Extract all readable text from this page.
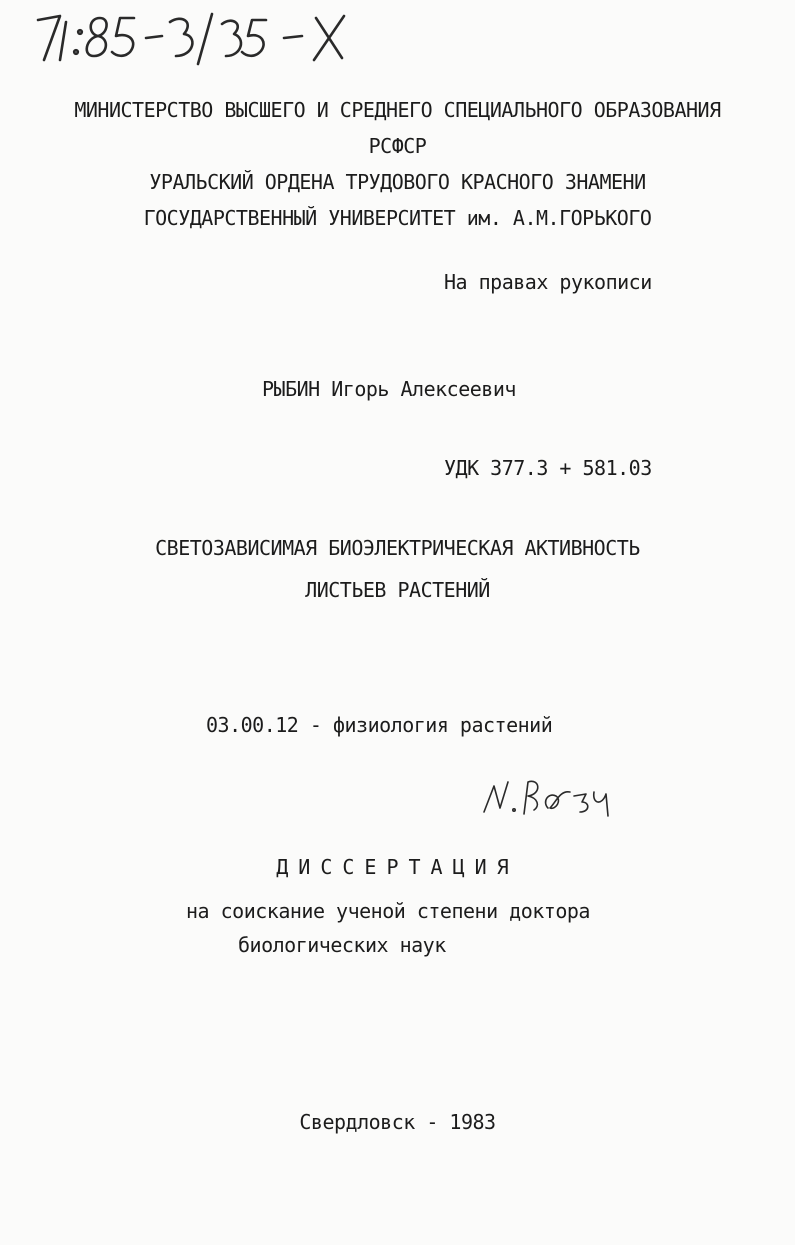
МИНИСТЕРСТВО ВЫСШЕГО И СРЕДНЕГО СПЕЦИАЛЬНОГО ОБРАЗОВАНИЯ
РСФСР
УРАЛЬСКИЙ ОРДЕНА ТРУДОВОГО КРАСНОГО ЗНАМЕНИ
ГОСУДАРСТВЕННЫЙ УНИВЕРСИТЕТ им. А.М.ГОРЬКОГО
На правах рукописи
РЫБИН Игорь Алексеевич
УДК 377.3 + 581.03
СВЕТОЗАВИСИМАЯ БИОЭЛЕКТРИЧЕСКАЯ АКТИВНОСТЬ
ЛИСТЬЕВ РАСТЕНИЙ
03.00.12 - физиология растений
ДИССЕРТАЦИЯ
на соискание ученой степени доктора
биологических наук
Свердловск - 1983
